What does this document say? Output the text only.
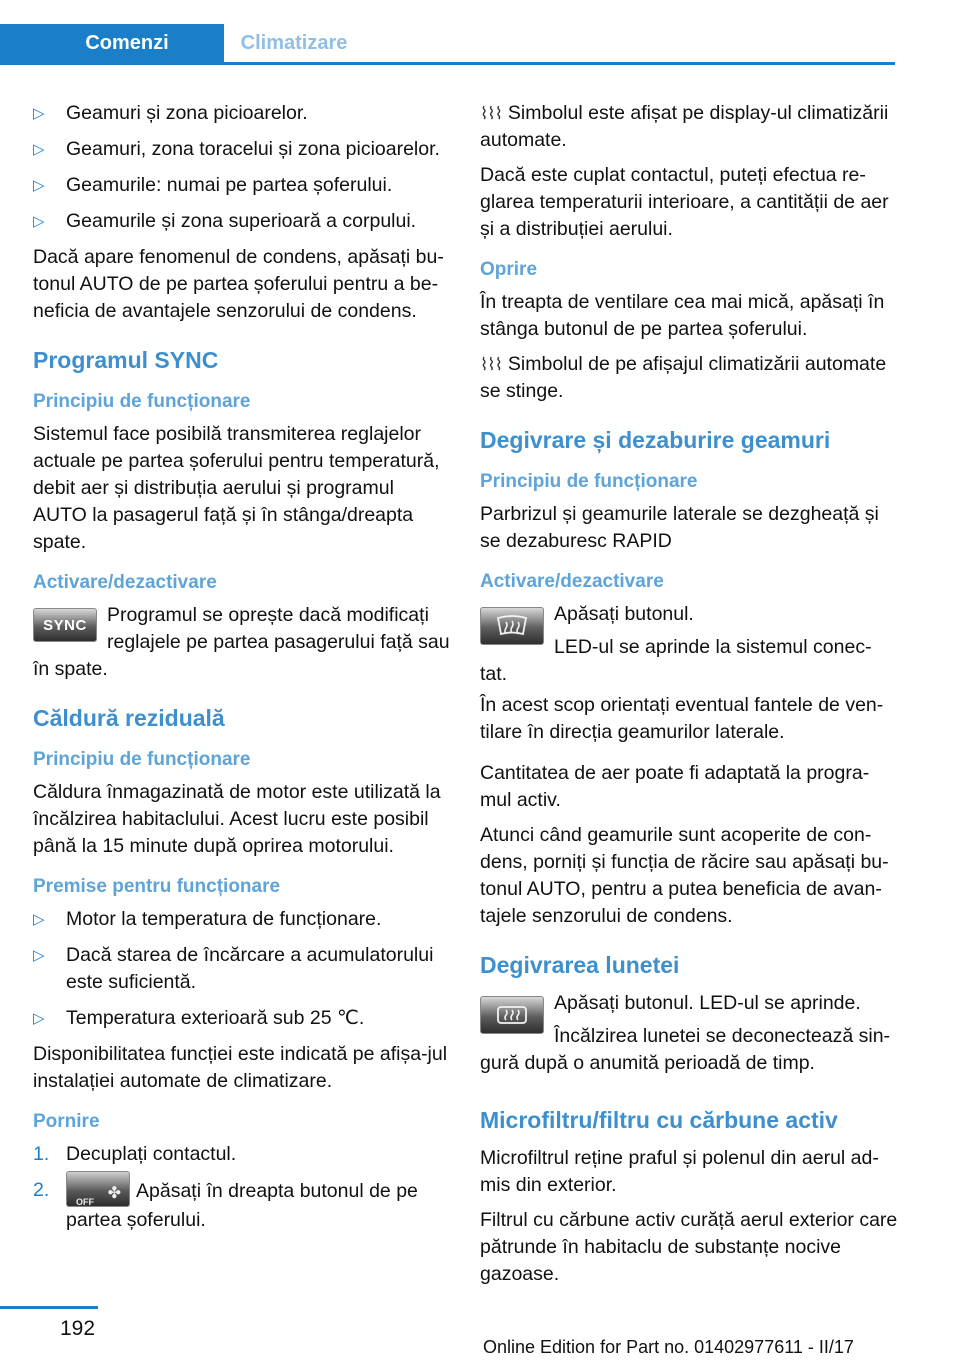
Comenzi	Climatizare
▷ Geamuri și zona picioarelor.
▷ Geamuri, zona toracelui și zona picioarelor.
▷ Geamurile: numai pe partea șoferului.
▷ Geamurile și zona superioară a corpului.

Dacă apare fenomenul de condens, apăsați bu-tonul AUTO de pe partea șoferului pentru a be-neficia de avantajele senzorului de condens.

Programul SYNC
Principiu de funcționare

Sistemul face posibilă transmiterea reglajelor actuale pe partea șoferului pentru temperatură, debit aer și distribuția aerului și programul AUTO la pasagerul față și în stânga/dreapta spate.

Activare/dezactivare
SYNC Programul se oprește dacă modificați reglajele pe partea pasagerului față sau în spate.
Căldură reziduală
Principiu de funcționare

Căldura înmagazinată de motor este utilizată la încălzirea habitaclului. Acest lucru este posibil până la 15 minute după oprirea motorului.

Premise pentru funcționare
▷ Motor la temperatura de funcționare.
▷ Dacă starea de încărcare a acumulatorului este suficientă.
▷ Temperatura exterioară sub 25 ℃.

Disponibilitatea funcției este indicată pe afișa-jul instalației automate de climatizare.

Pornire
1. Decuplați contactul.
2.
OFF ✤ Apăsați în dreapta butonul de pe partea șoferului.

⌇⌇⌇ Simbolul este afișat pe display-ul climatizării automate.

Dacă este cuplat contactul, puteți efectua re-glarea temperaturii interioare, a cantității de aer și a distribuției aerului.

Oprire

În treapta de ventilare cea mai mică, apăsați în stânga butonul de pe partea șoferului.

⌇⌇⌇ Simbolul de pe afișajul climatizării automate se stinge.

Degivrare și dezaburire geamuri
Principiu de funcționare

Parbrizul și geamurile laterale se dezgheață și se dezaburesc RAPID

Activare/dezactivare
Apăsați butonul.
LED-ul se aprinde la sistemul conec-tat.

În acest scop orientați eventual fantele de ven-tilare în direcția geamurilor laterale.

Cantitatea de aer poate fi adaptată la progra-mul activ.

Atunci când geamurile sunt acoperite de con-dens, porniți și funcția de răcire sau apăsați bu-tonul AUTO, pentru a putea beneficia de avan-tajele senzorului de condens.

Degivrarea lunetei
Apăsați butonul. LED-ul se aprinde.
Încălzirea lunetei se deconectează sin-gură după o anumită perioadă de timp.
Microfiltru/filtru cu cărbune activ

Microfiltrul reține praful și polenul din aerul ad-mis din exterior.

Filtrul cu cărbune activ curăță aerul exterior care pătrunde în habitaclu de substanțe nocive gazoase.

192
Online Edition for Part no. 01402977611 - II/17
